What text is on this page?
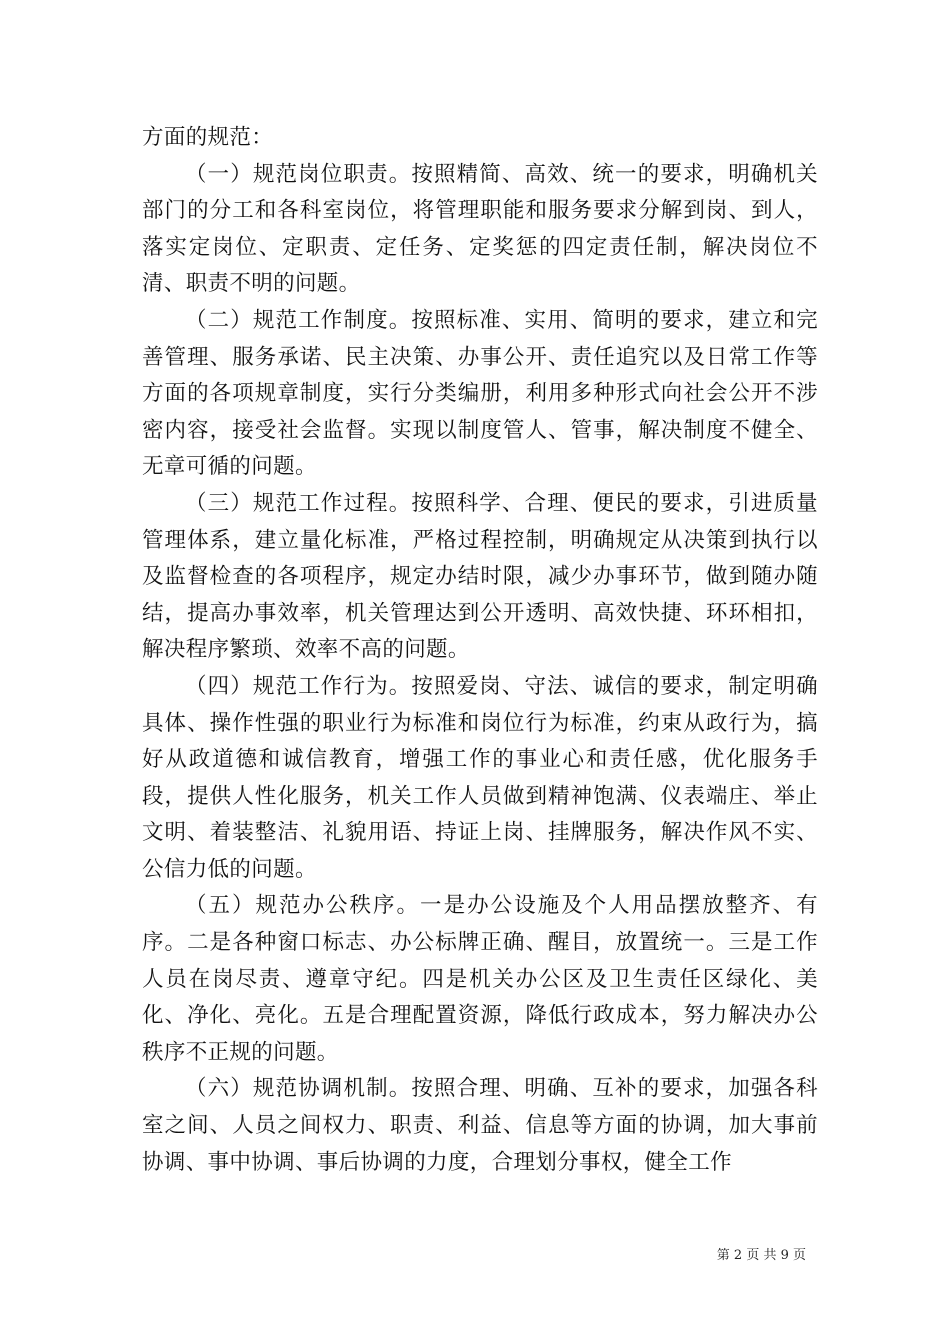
方面的规范：

（一）规范岗位职责。按照精简、高效、统一的要求，明确机关部门的分工和各科室岗位，将管理职能和服务要求分解到岗、到人，落实定岗位、定职责、定任务、定奖惩的四定责任制，解决岗位不清、职责不明的问题。

（二）规范工作制度。按照标准、实用、简明的要求，建立和完善管理、服务承诺、民主决策、办事公开、责任追究以及日常工作等方面的各项规章制度，实行分类编册，利用多种形式向社会公开不涉密内容，接受社会监督。实现以制度管人、管事，解决制度不健全、无章可循的问题。

（三）规范工作过程。按照科学、合理、便民的要求，引进质量管理体系，建立量化标准，严格过程控制，明确规定从决策到执行以及监督检查的各项程序，规定办结时限，减少办事环节，做到随办随结，提高办事效率，机关管理达到公开透明、高效快捷、环环相扣，解决程序繁琐、效率不高的问题。

（四）规范工作行为。按照爱岗、守法、诚信的要求，制定明确具体、操作性强的职业行为标准和岗位行为标准，约束从政行为，搞好从政道德和诚信教育，增强工作的事业心和责任感，优化服务手段，提供人性化服务，机关工作人员做到精神饱满、仪表端庄、举止文明、着装整洁、礼貌用语、持证上岗、挂牌服务，解决作风不实、公信力低的问题。

（五）规范办公秩序。一是办公设施及个人用品摆放整齐、有序。二是各种窗口标志、办公标牌正确、醒目，放置统一。三是工作人员在岗尽责、遵章守纪。四是机关办公区及卫生责任区绿化、美化、净化、亮化。五是合理配置资源，降低行政成本，努力解决办公秩序不正规的问题。

（六）规范协调机制。按照合理、明确、互补的要求，加强各科室之间、人员之间权力、职责、利益、信息等方面的协调，加大事前协调、事中协调、事后协调的力度，合理划分事权，健全工作

第 2 页 共 9 页
